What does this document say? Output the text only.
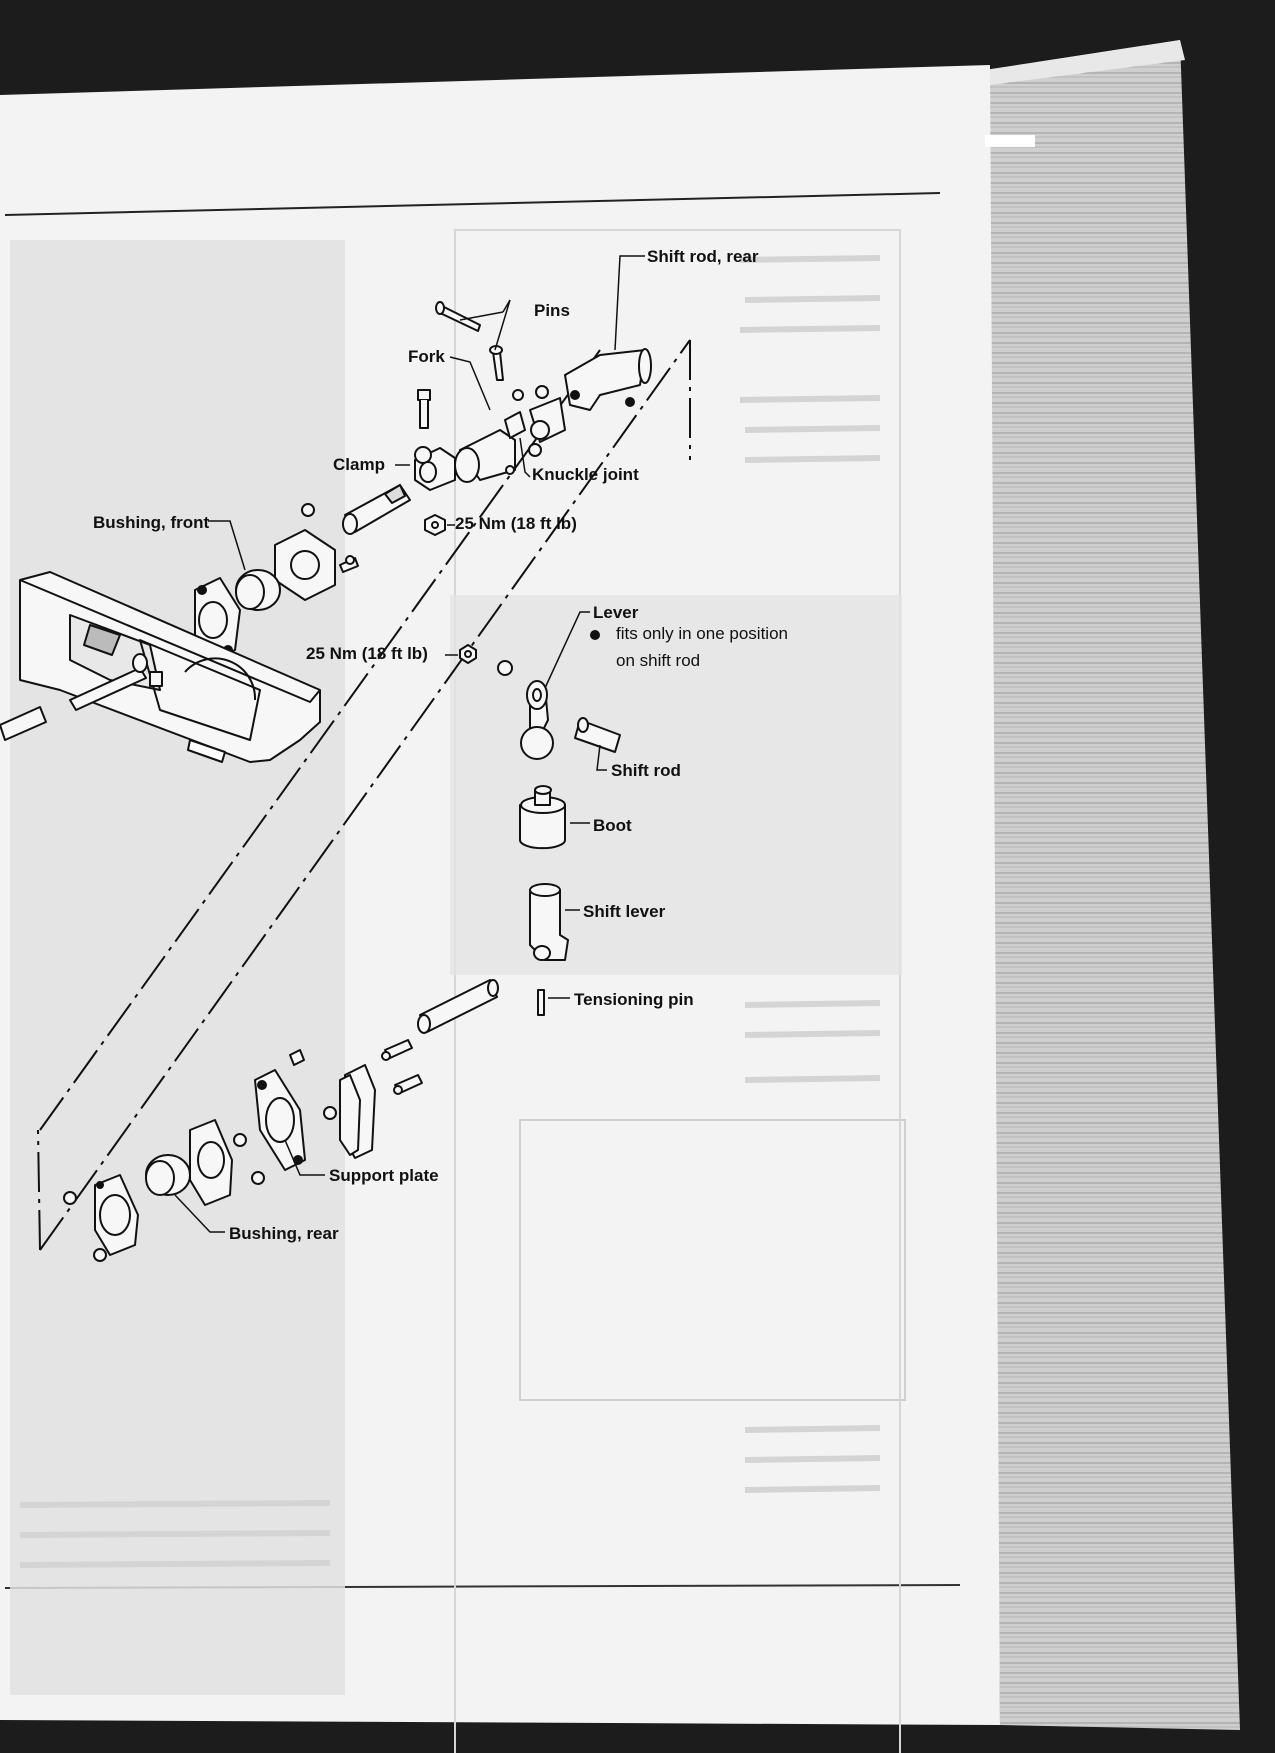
Shift rod, rear
Pins
Fork
Clamp
Knuckle joint
25 Nm (18 ft lb)
Bushing, front
25 Nm (18 ft lb)
Lever
fits only in one position
on shift rod
Shift rod
Boot
Shift lever
Tensioning pin
Support plate
Bushing, rear
